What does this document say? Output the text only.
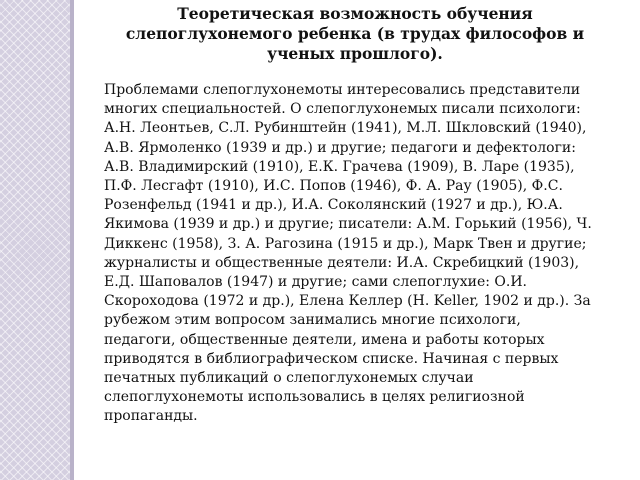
Теоретическая возможность обучения слепоглухонемого ребенка (в трудах философов и ученых прошлого).

Проблемами слепоглухонемоты интересовались представители многих специальностей. О слепоглухонемых писали психологи: А.Н. Леонтьев, С.Л. Рубинштейн (1941), М.Л. Шкловский (1940), А.В. Ярмоленко (1939 и др.) и другие; педагоги и дефектологи: А.В. Владимирский (1910), Е.К. Грачева (1909), В. Ларе (1935), П.Ф. Лесгафт (1910), И.С. Попов (1946), Ф. А. Рау (1905), Ф.С. Розенфельд (1941 и др.), И.А. Соколянский (1927 и др.), Ю.А. Якимова (1939 и др.) и другие; писатели: А.М. Горький (1956), Ч. Диккенс (1958), З. А. Рагозина (1915 и др.), Марк Твен и другие; журналисты и общественные деятели: И.А. Скребицкий (1903), Е.Д. Шаповалов (1947) и другие; сами слепоглухие: О.И. Скороходова (1972 и др.), Елена Келлер (H. Keller, 1902 и др.). За рубежом этим вопросом занимались многие психологи, педагоги, общественные деятели, имена и работы которых приводятся в библиографическом списке. Начиная с первых печатных публикаций о слепоглухонемых случаи слепоглухонемоты использовались в целях религиозной пропаганды.
